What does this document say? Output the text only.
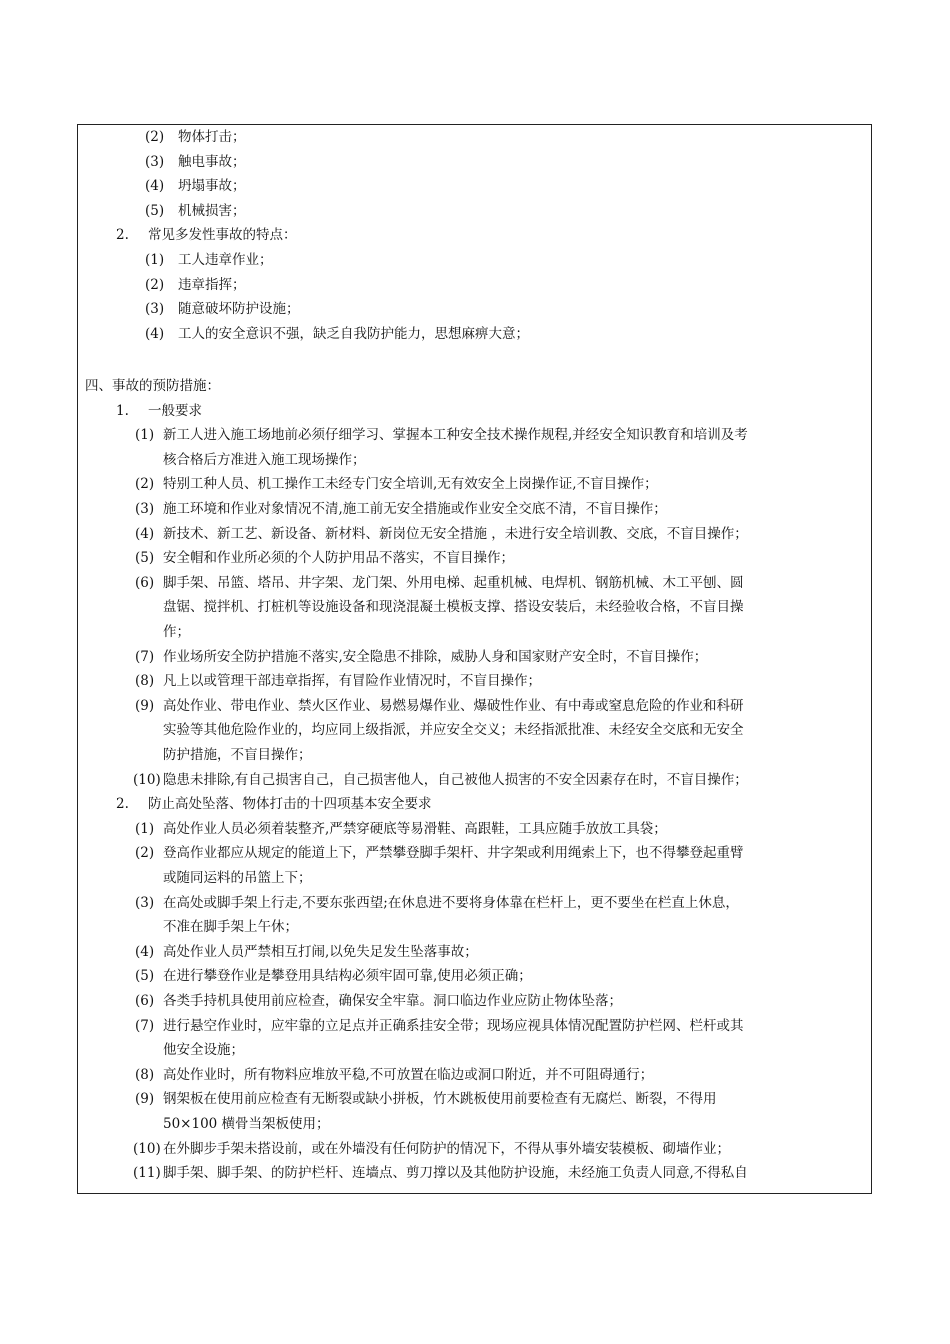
(2) 物体打击；
(3) 触电事故；
(4) 坍塌事故；
(5) 机械损害；
2. 常见多发性事故的特点：
(1) 工人违章作业；
(2) 违章指挥；
(3) 随意破坏防护设施；
(4) 工人的安全意识不强，缺乏自我防护能力，思想麻痹大意；
四、事故的预防措施：
1. 一般要求
(1) 新工人进入施工场地前必须仔细学习、掌握本工种安全技术操作规程,并经安全知识教育和培训及考
核合格后方准进入施工现场操作；
(2) 特别工种人员、机工操作工未经专门安全培训,无有效安全上岗操作证,不盲目操作；
(3) 施工环境和作业对象情况不清,施工前无安全措施或作业安全交底不清，不盲目操作；
(4) 新技术、新工艺、新设备、新材料、新岗位无安全措施 ，未进行安全培训教、交底，不盲目操作；
(5) 安全帽和作业所必须的个人防护用品不落实，不盲目操作；
(6) 脚手架、吊篮、塔吊、井字架、龙门架、外用电梯、起重机械、电焊机、钢筋机械、木工平刨、圆
盘锯、搅拌机、打桩机等设施设备和现浇混凝土模板支撑、搭设安装后，未经验收合格，不盲目操
作；
(7) 作业场所安全防护措施不落实,安全隐患不排除，威胁人身和国家财产安全时，不盲目操作；
(8) 凡上以或管理干部违章指挥，有冒险作业情况时，不盲目操作；
(9) 高处作业、带电作业、禁火区作业、易燃易爆作业、爆破性作业、有中毒或窒息危险的作业和科研
实验等其他危险作业的，均应同上级指派，并应安全交义；未经指派批准、未经安全交底和无安全
防护措施，不盲目操作；
(10) 隐患未排除,有自己损害自己，自己损害他人，自己被他人损害的不安全因素存在时，不盲目操作；
2. 防止高处坠落、物体打击的十四项基本安全要求
(1) 高处作业人员必须着装整齐,严禁穿硬底等易滑鞋、高跟鞋，工具应随手放放工具袋；
(2) 登高作业都应从规定的能道上下，严禁攀登脚手架杆、井字架或利用绳索上下，也不得攀登起重臂
或随同运料的吊篮上下；
(3) 在高处或脚手架上行走,不要东张西望;在休息进不要将身体靠在栏杆上，更不要坐在栏直上休息，
不准在脚手架上午休；
(4) 高处作业人员严禁相互打闹,以免失足发生坠落事故；
(5) 在进行攀登作业是攀登用具结构必须牢固可靠,使用必须正确；
(6) 各类手持机具使用前应检查，确保安全牢靠。洞口临边作业应防止物体坠落；
(7) 进行悬空作业时，应牢靠的立足点并正确系挂安全带；现场应视具体情况配置防护栏网、栏杆或其
他安全设施；
(8) 高处作业时，所有物料应堆放平稳,不可放置在临边或洞口附近，并不可阻碍通行；
(9) 钢架板在使用前应检查有无断裂或缺小拼板，竹木跳板使用前要检查有无腐烂、断裂，不得用
50×100 横骨当架板使用；
(10) 在外脚步手架未搭设前，或在外墙没有任何防护的情况下，不得从事外墙安装模板、砌墙作业；
(11) 脚手架、脚手架、的防护栏杆、连墙点、剪刀撑以及其他防护设施，未经施工负责人同意,不得私自
